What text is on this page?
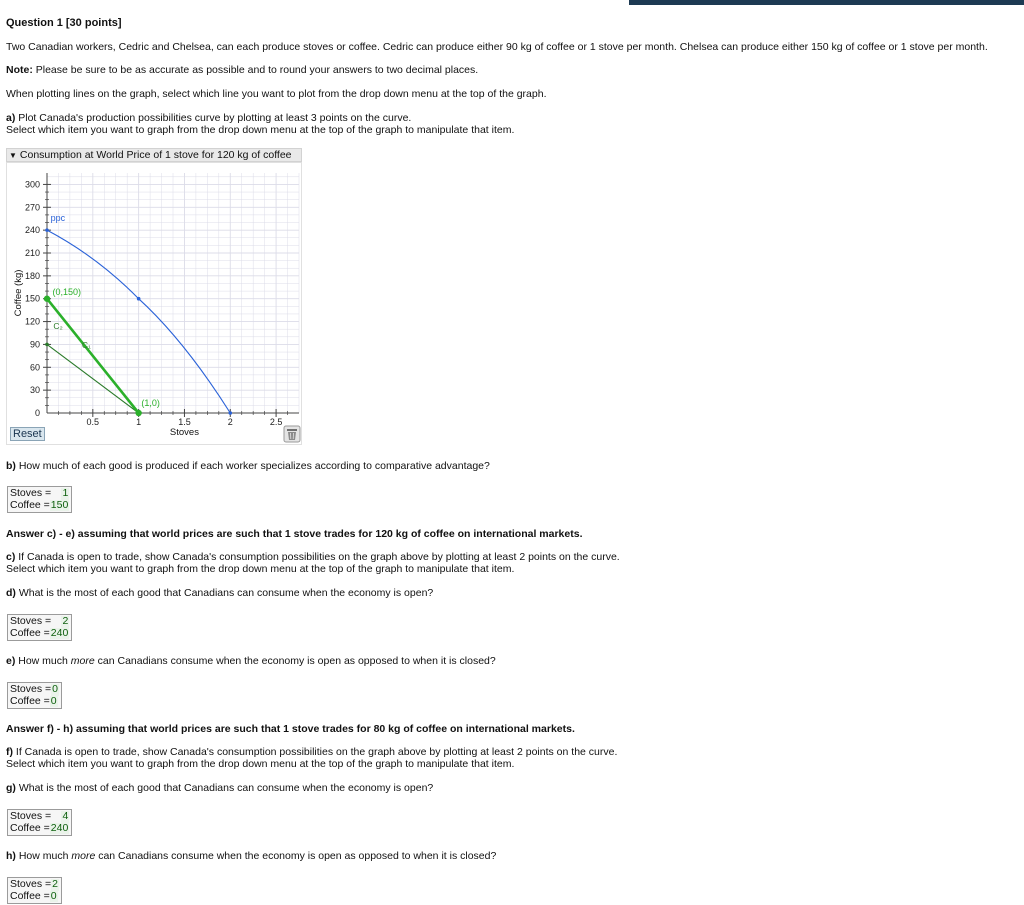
Question 1 [30 points]
Two Canadian workers, Cedric and Chelsea, can each produce stoves or coffee. Cedric can produce either 90 kg of coffee or 1 stove per month. Chelsea can produce either 150 kg of coffee or 1 stove per month.
Note: Please be sure to be as accurate as possible and to round your answers to two decimal places.
When plotting lines on the graph, select which line you want to plot from the drop down menu at the top of the graph.
a) Plot Canada's production possibilities curve by plotting at least 3 points on the curve.
Select which item you want to graph from the drop down menu at the top of the graph to manipulate that item.
▼ Consumption at World Price of 1 stove for 120 kg of coffee
0
30
60
90
120
150
180
210
240
270
300
0.5	1	1.5	2	2.5
Stoves
Coffee (kg)
ppc
(0,150)
C₂
C₁
(1,0)
Reset
b) How much of each good is produced if each worker specializes according to comparative advantage?
Stoves = 1
Coffee = 150
Answer c) - e) assuming that world prices are such that 1 stove trades for 120 kg of coffee on international markets.
c) If Canada is open to trade, show Canada's consumption possibilities on the graph above by plotting at least 2 points on the curve.
Select which item you want to graph from the drop down menu at the top of the graph to manipulate that item.
d) What is the most of each good that Canadians can consume when the economy is open?
Stoves = 2
Coffee = 240
e) How much more can Canadians consume when the economy is open as opposed to when it is closed?
Stoves = 0
Coffee = 0
Answer f) - h) assuming that world prices are such that 1 stove trades for 80 kg of coffee on international markets.
f) If Canada is open to trade, show Canada's consumption possibilities on the graph above by plotting at least 2 points on the curve.
Select which item you want to graph from the drop down menu at the top of the graph to manipulate that item.
g) What is the most of each good that Canadians can consume when the economy is open?
Stoves = 4
Coffee = 240
h) How much more can Canadians consume when the economy is open as opposed to when it is closed?
Stoves = 2
Coffee = 0
